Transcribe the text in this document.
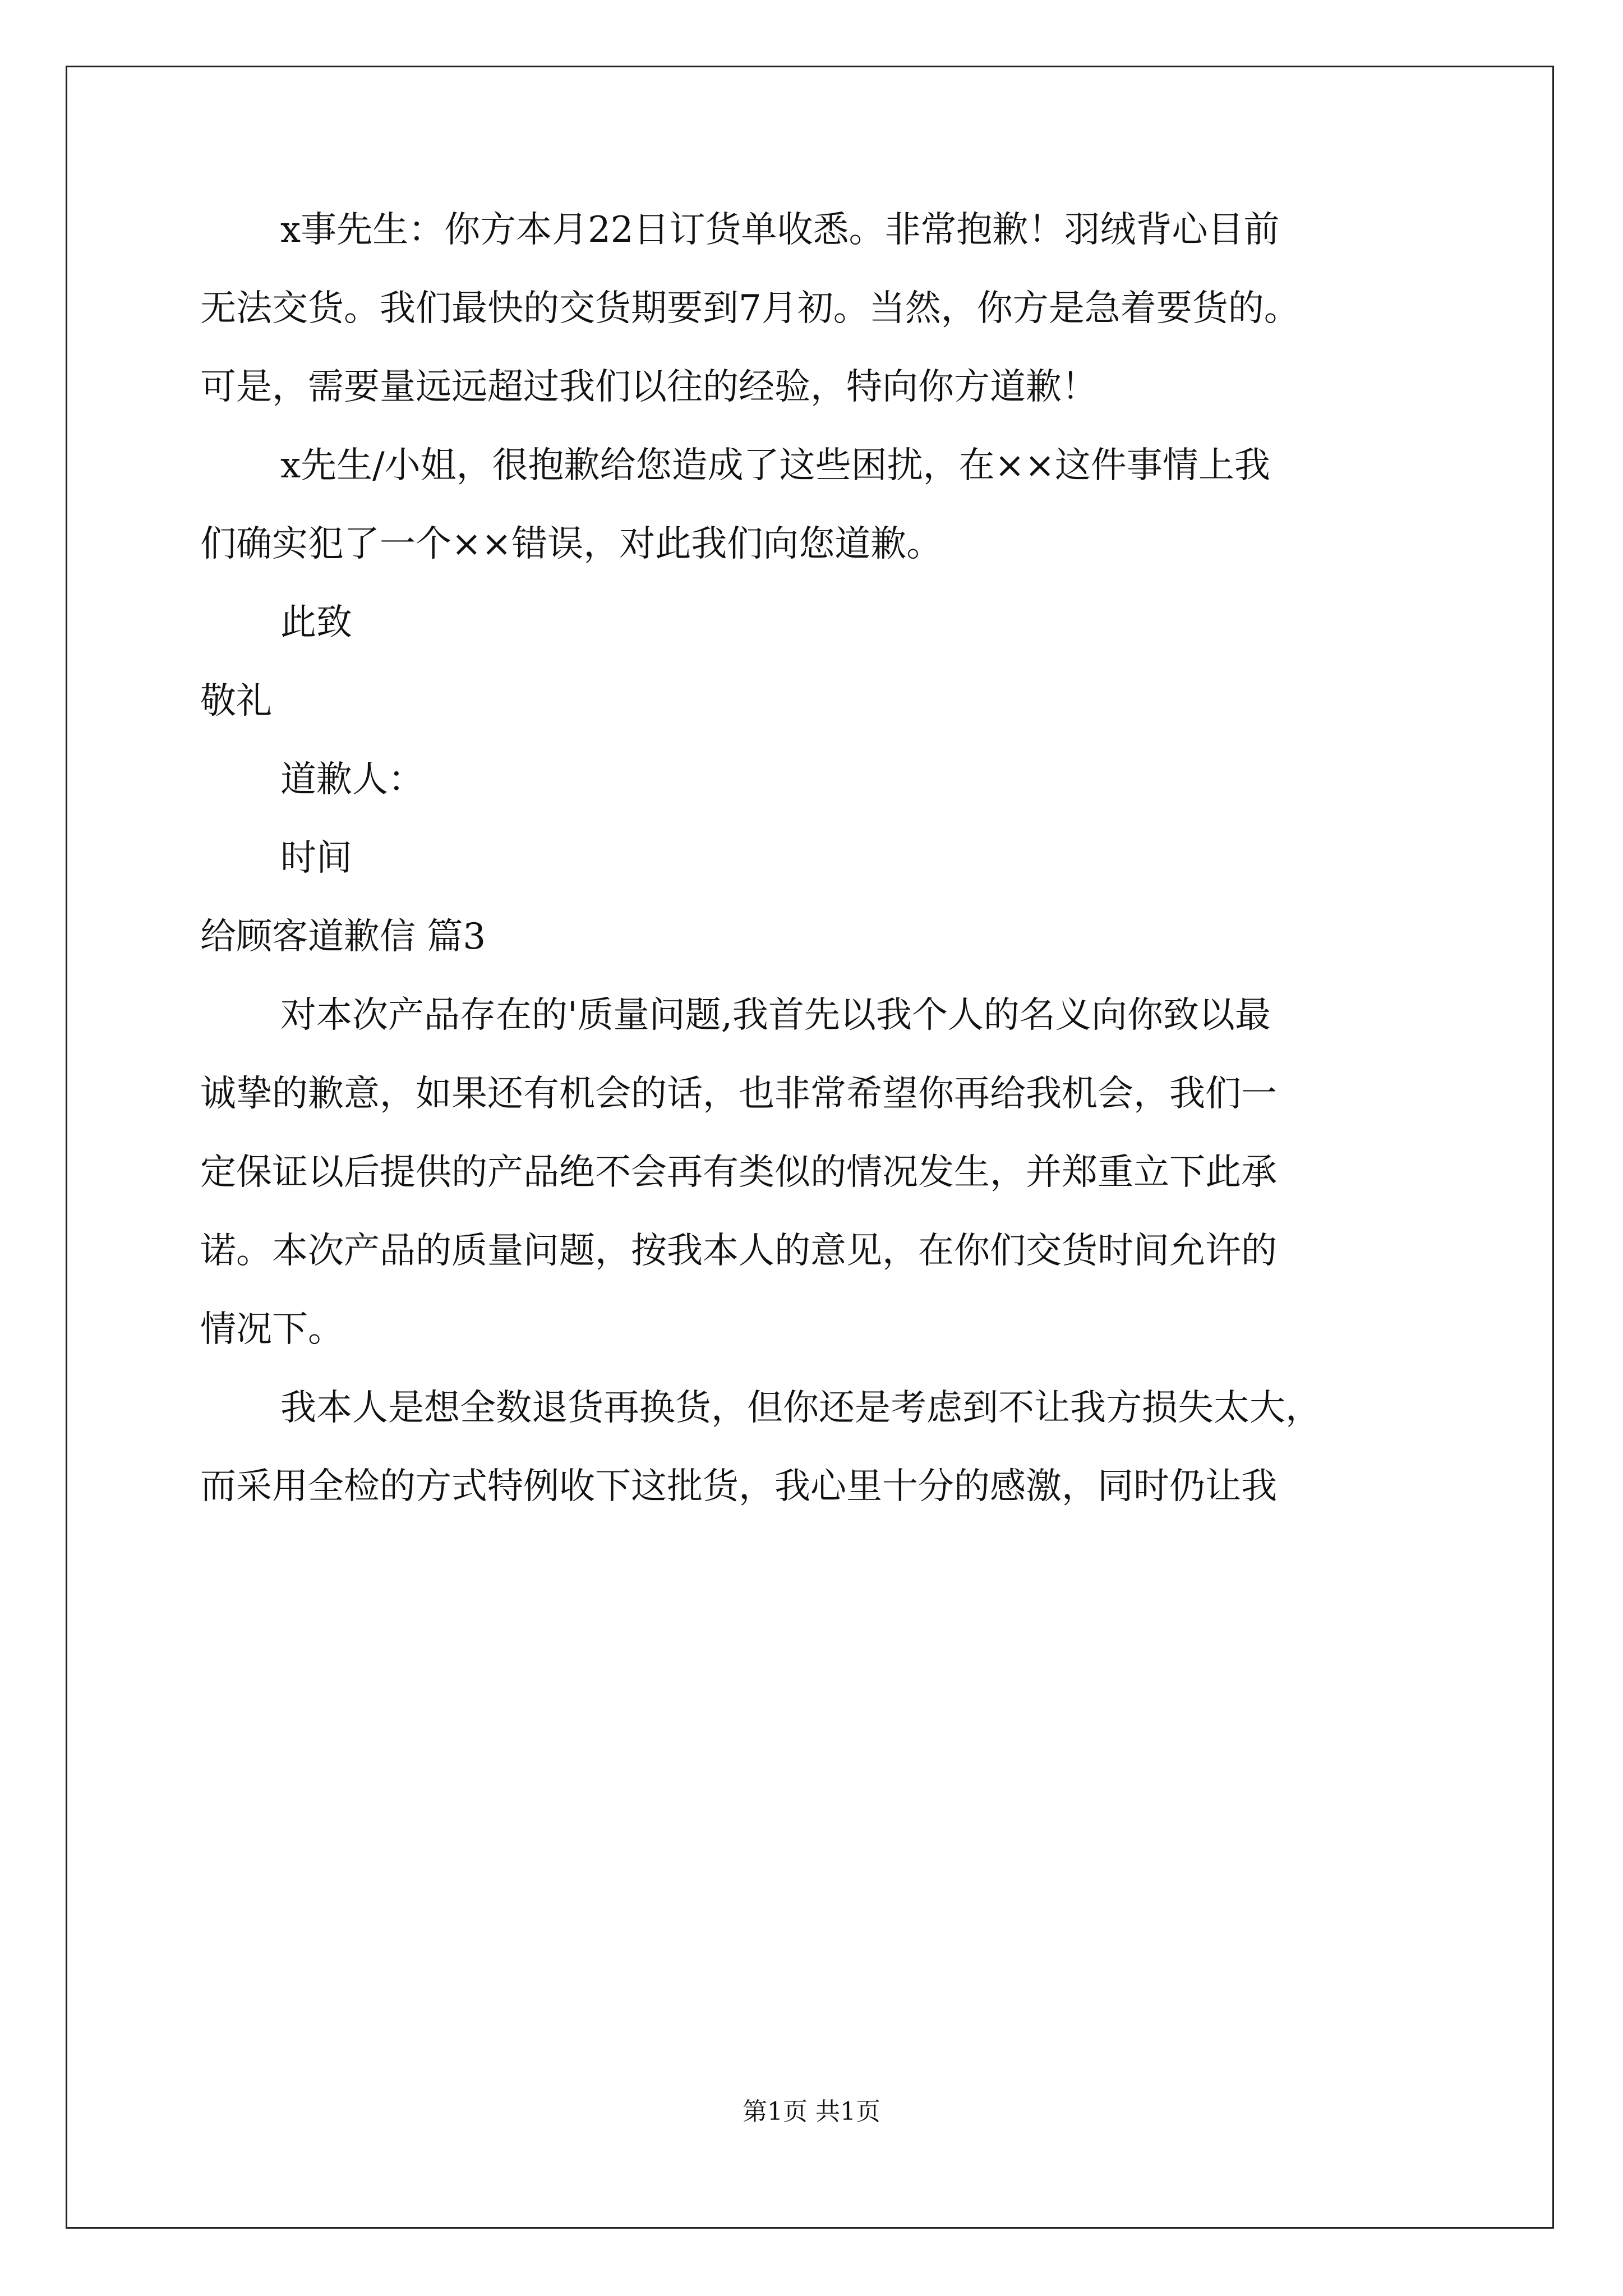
x事先生：你方本月22日订货单收悉。非常抱歉！羽绒背心目前
无法交货。我们最快的交货期要到7月初。当然，你方是急着要货的。
可是，需要量远远超过我们以往的经验，特向你方道歉！
x先生/小姐，很抱歉给您造成了这些困扰，在××这件事情上我
们确实犯了一个××错误，对此我们向您道歉。
此致
敬礼
道歉人：
时间
给顾客道歉信 篇3
对本次产品存在的'质量问题,我首先以我个人的名义向你致以最
诚挚的歉意，如果还有机会的话，也非常希望你再给我机会，我们一
定保证以后提供的产品绝不会再有类似的情况发生，并郑重立下此承
诺。本次产品的质量问题，按我本人的意见，在你们交货时间允许的
情况下。
我本人是想全数退货再换货，但你还是考虑到不让我方损失太大，
而采用全检的方式特例收下这批货，我心里十分的感激，同时仍让我
第1页 共1页
